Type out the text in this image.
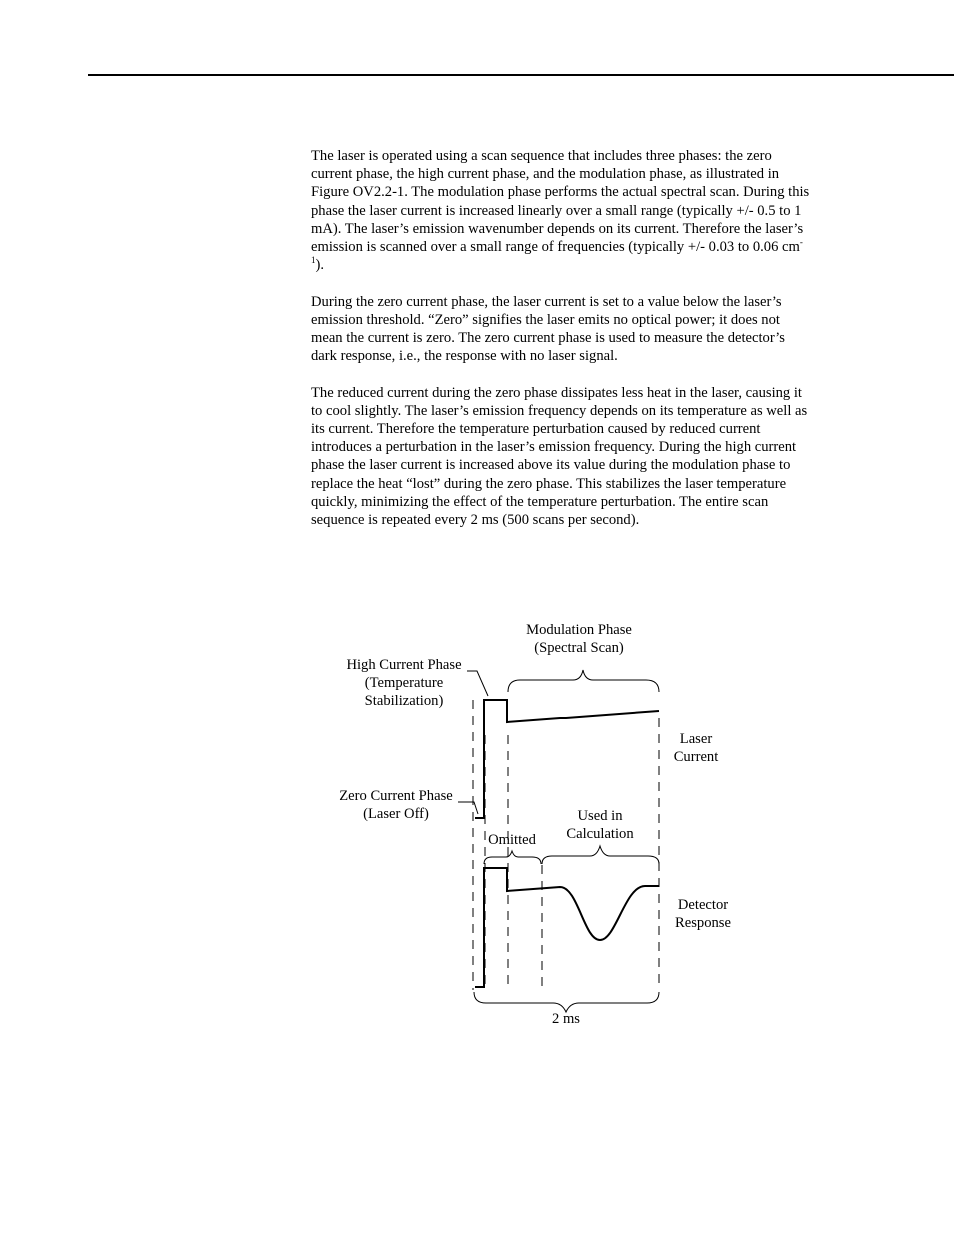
The laser is operated using a scan sequence that includes three phases: the zero current phase, the high current phase, and the modulation phase, as illustrated in Figure OV2.2-1. The modulation phase performs the actual spectral scan. During this phase the laser current is increased linearly over a small range (typically +/- 0.5 to 1 mA). The laser’s emission wavenumber depends on its current. Therefore the laser’s emission is scanned over a small range of frequencies (typically +/- 0.03 to 0.06 $cm^{-1}$).

During the zero current phase, the laser current is set to a value below the laser’s emission threshold. “Zero” signifies the laser emits no optical power; it does not mean the current is zero. The zero current phase is used to measure the detector’s dark response, i.e., the response with no laser signal.

The reduced current during the zero phase dissipates less heat in the laser, causing it to cool slightly. The laser’s emission frequency depends on its temperature as well as its current. Therefore the temperature perturbation caused by reduced current introduces a perturbation in the laser’s emission frequency. During the high current phase the laser current is increased above its value during the modulation phase to replace the heat “lost” during the zero phase. This stabilizes the laser temperature quickly, minimizing the effect of the temperature perturbation. The entire scan sequence is repeated every 2 ms (500 scans per second).

Modulation Phase
(Spectral Scan)
High Current Phase
(Temperature
Stabilization)
Zero Current Phase
(Laser Off)
Laser
Current
Used in
Calculation
Omitted
Detector
Response
2 ms
